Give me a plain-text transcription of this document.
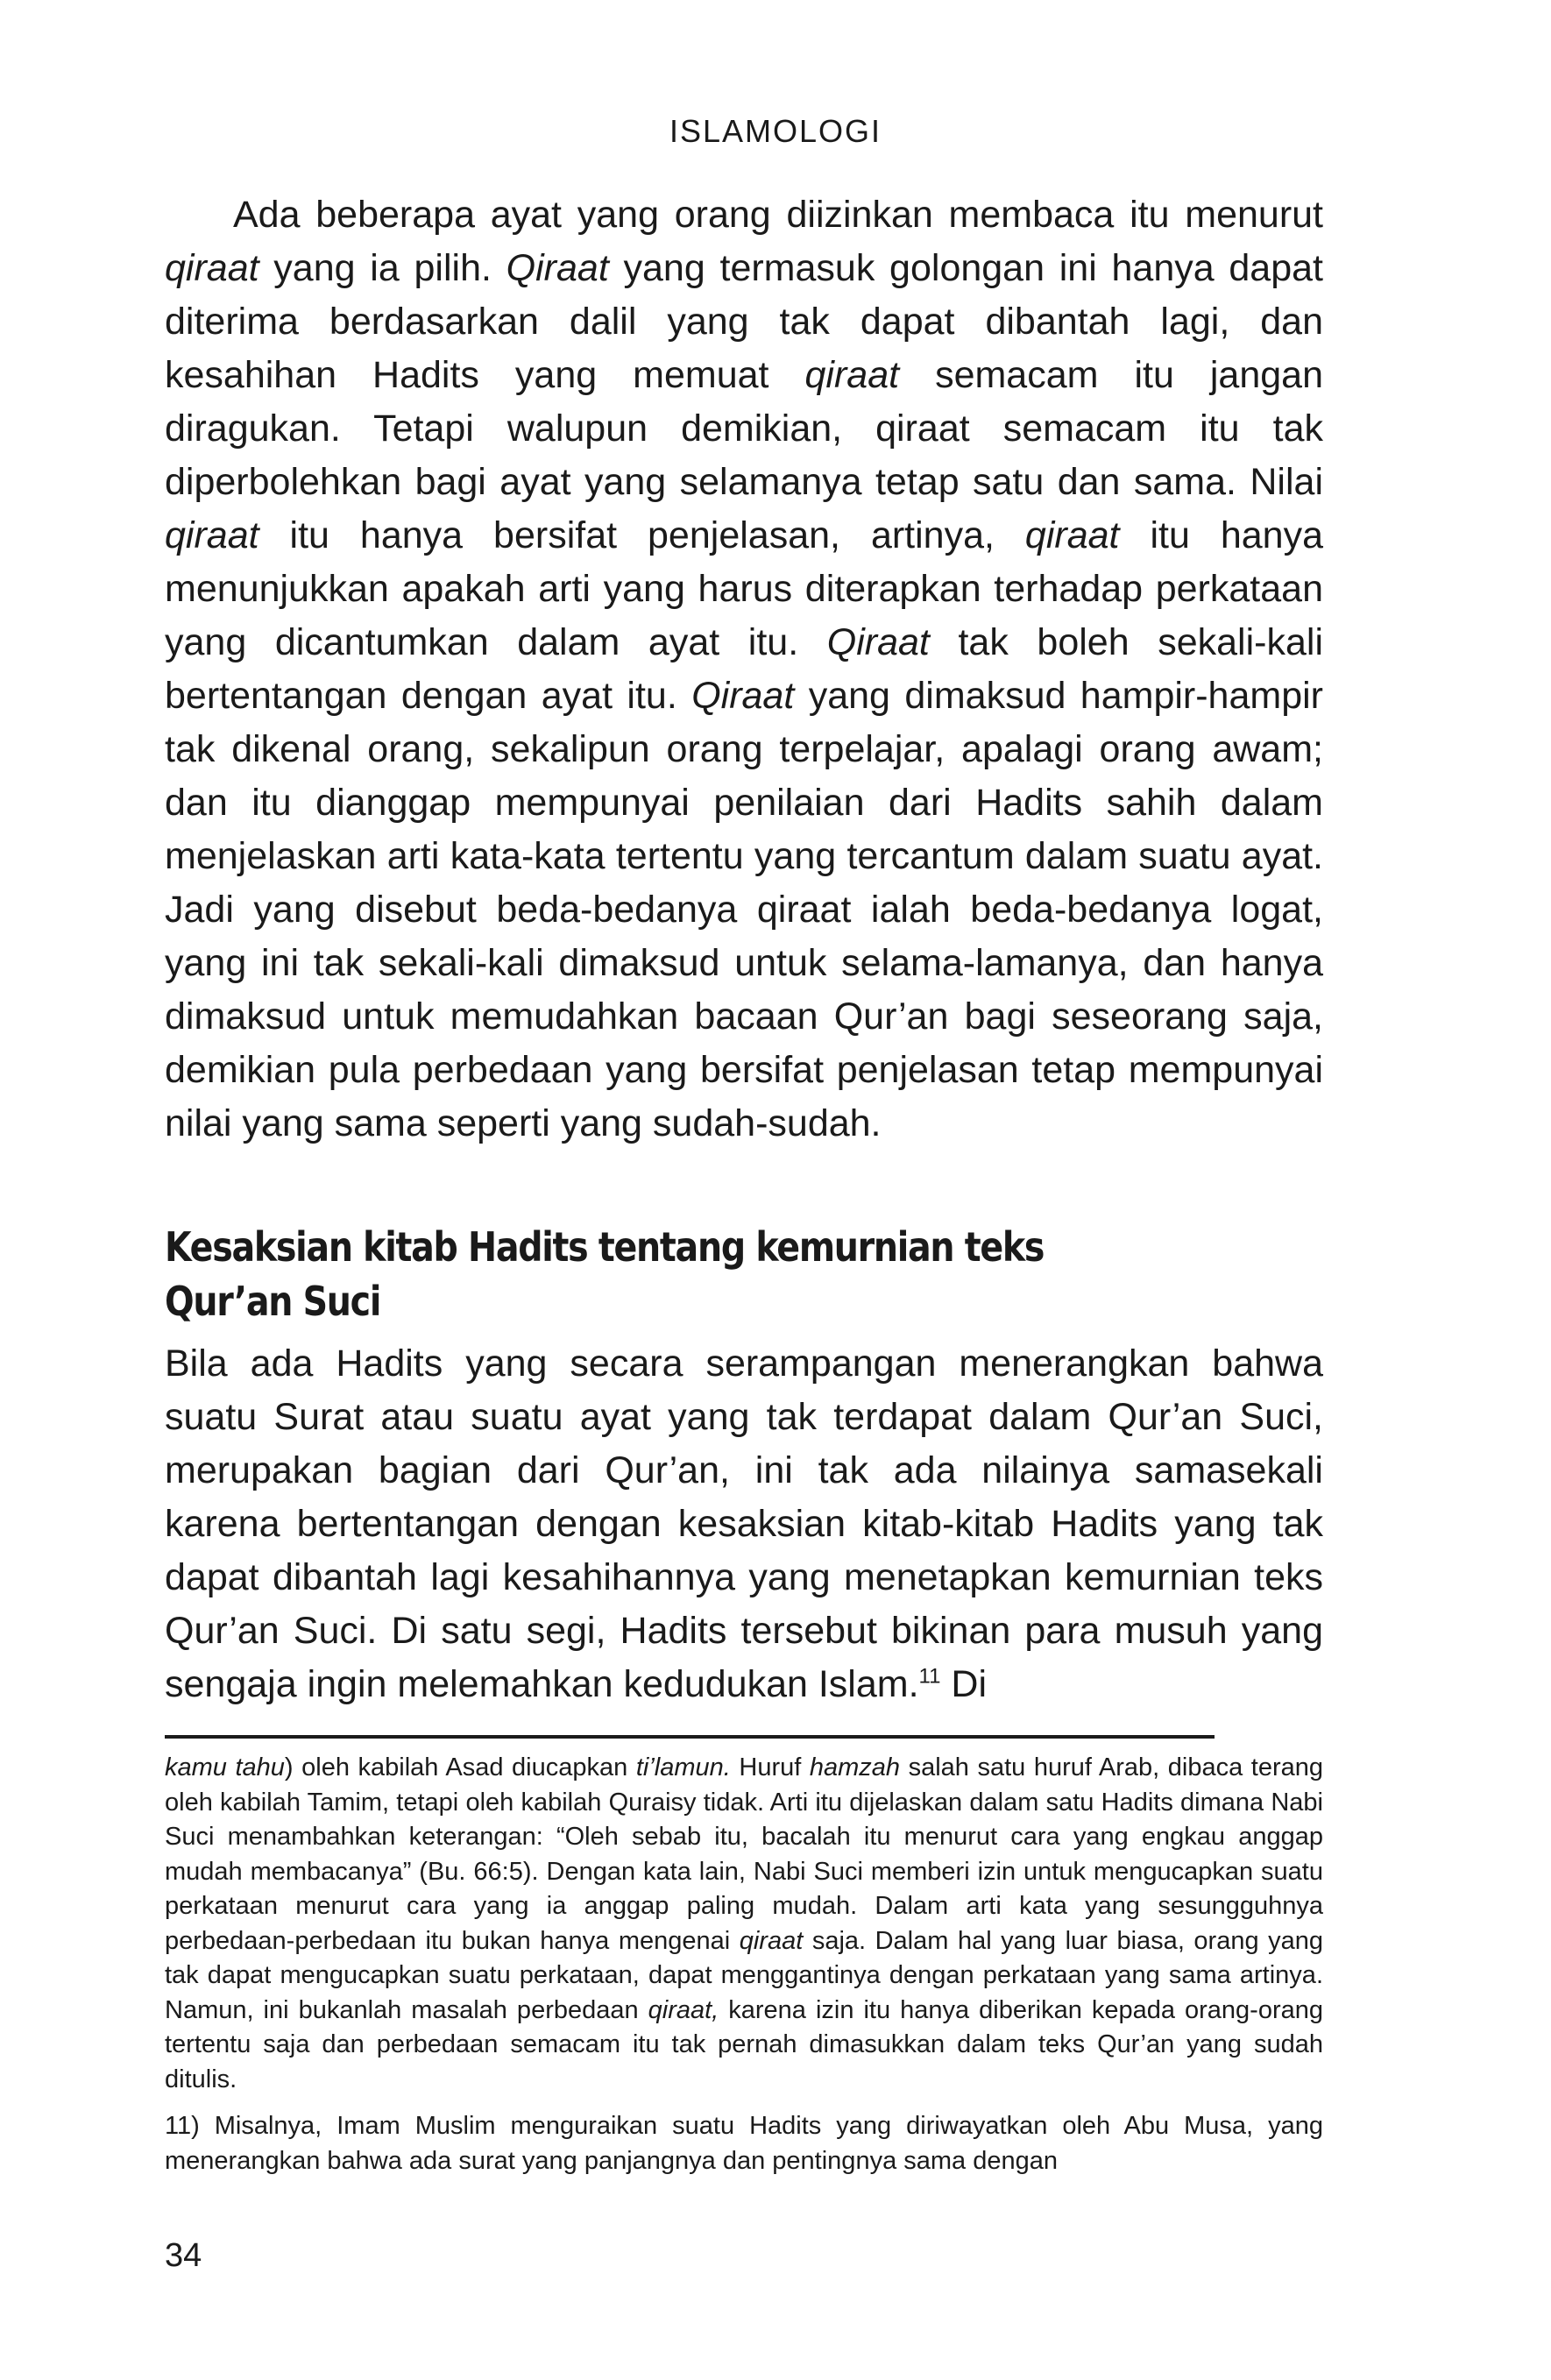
ISLAMOLOGI

Ada beberapa ayat yang orang diizinkan membaca itu menurut qiraat yang ia pilih. Qiraat yang termasuk golongan ini hanya dapat diterima berdasarkan dalil yang tak dapat dibantah lagi, dan kesahihan Hadits yang memuat qiraat semacam itu jangan diragukan. Tetapi walupun demikian, qiraat semacam itu tak diperbolehkan bagi ayat yang selamanya tetap satu dan sama. Nilai qiraat itu hanya bersifat penjelasan, artinya, qiraat itu hanya menunjukkan apakah arti yang harus diterapkan terhadap perkataan yang dicantumkan dalam ayat itu. Qiraat tak boleh sekali-kali bertentangan dengan ayat itu. Qiraat yang dimaksud hampir-hampir tak dikenal orang, sekalipun orang terpelajar, apalagi orang awam; dan itu dianggap mempunyai penilaian dari Hadits sahih dalam menjelaskan arti kata-kata tertentu yang tercantum dalam suatu ayat. Jadi yang disebut beda-bedanya qiraat ialah beda-bedanya logat, yang ini tak sekali-kali dimaksud untuk selama-lamanya, dan hanya dimaksud untuk memudahkan bacaan Qur’an bagi seseorang saja, demikian pula perbedaan yang bersifat penjelasan tetap mempunyai nilai yang sama seperti yang sudah-sudah.

Kesaksian kitab Hadits tentang kemurnian teks
Qur’an Suci

Bila ada Hadits yang secara serampangan menerangkan bahwa suatu Surat atau suatu ayat yang tak terdapat dalam Qur’an Suci, merupakan bagian dari Qur’an, ini tak ada nilainya samasekali karena bertentangan dengan kesaksian kitab-kitab Hadits yang tak dapat dibantah lagi kesahihannya yang menetapkan kemurnian teks Qur’an Suci. Di satu segi, Hadits tersebut bikinan para musuh yang sengaja ingin melemahkan kedudukan Islam.$^{11}$ Di

kamu tahu) oleh kabilah Asad diucapkan ti’lamun. Huruf hamzah salah satu huruf Arab, dibaca terang oleh kabilah Tamim, tetapi oleh kabilah Quraisy tidak. Arti itu dijelaskan dalam satu Hadits dimana Nabi Suci menambahkan keterangan: “Oleh sebab itu, bacalah itu menurut cara yang engkau anggap mudah membacanya” (Bu. 66:5). Dengan kata lain, Nabi Suci memberi izin untuk mengucapkan suatu perkataan menurut cara yang ia anggap paling mudah. Dalam arti kata yang sesungguhnya perbedaan-perbedaan itu bukan hanya mengenai qiraat saja. Dalam hal yang luar biasa, orang yang tak dapat mengucapkan suatu perkataan, dapat menggantinya dengan perkataan yang sama artinya. Namun, ini bukanlah masalah perbedaan qiraat, karena izin itu hanya diberikan kepada orang-orang tertentu saja dan perbedaan semacam itu tak pernah dimasukkan dalam teks Qur’an yang sudah ditulis.

11) Misalnya, Imam Muslim menguraikan suatu Hadits yang diriwayatkan oleh Abu Musa, yang menerangkan bahwa ada surat yang panjangnya dan pentingnya sama dengan

34
